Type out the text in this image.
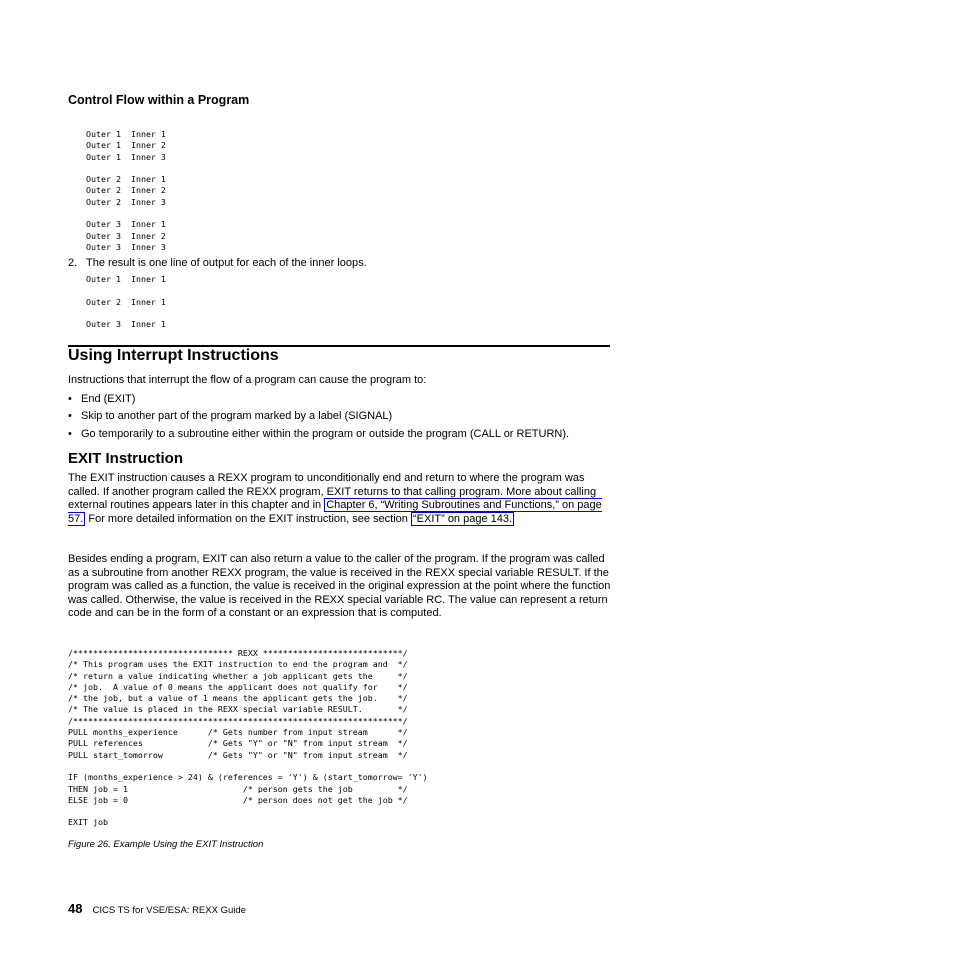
Control Flow within a Program
Outer 1  Inner 1
Outer 1  Inner 2
Outer 1  Inner 3

Outer 2  Inner 1
Outer 2  Inner 2
Outer 2  Inner 3

Outer 3  Inner 1
Outer 3  Inner 2
Outer 3  Inner 3
2. The result is one line of output for each of the inner loops.
Outer 1  Inner 1

Outer 2  Inner 1

Outer 3  Inner 1
Using Interrupt Instructions
Instructions that interrupt the flow of a program can cause the program to:
• End (EXIT)
• Skip to another part of the program marked by a label (SIGNAL)
• Go temporarily to a subroutine either within the program or outside the program (CALL or RETURN).
EXIT Instruction

The EXIT instruction causes a REXX program to unconditionally end and return to where the program was called. If another program called the REXX program, EXIT returns to that calling program. More about calling external routines appears later in this chapter and in Chapter 6, “Writing Subroutines and Functions,” on page 57. For more detailed information on the EXIT instruction, see section “EXIT” on page 143.

Besides ending a program, EXIT can also return a value to the caller of the program. If the program was called as a subroutine from another REXX program, the value is received in the REXX special variable RESULT. If the program was called as a function, the value is received in the original expression at the point where the function was called. Otherwise, the value is received in the REXX special variable RC. The value can represent a return code and can be in the form of a constant or an expression that is computed.

/******************************** REXX ****************************/
/* This program uses the EXIT instruction to end the program and  */
/* return a value indicating whether a job applicant gets the     */
/* job.  A value of 0 means the applicant does not qualify for    */
/* the job, but a value of 1 means the applicant gets the job.    */
/* The value is placed in the REXX special variable RESULT.       */
/******************************************************************/
PULL months_experience      /* Gets number from input stream      */
PULL references             /* Gets "Y" or "N" from input stream  */
PULL start_tomorrow         /* Gets "Y" or "N" from input stream  */

IF (months_experience > 24) & (references = 'Y') & (start_tomorrow= 'Y')
THEN job = 1                       /* person gets the job         */
ELSE job = 0                       /* person does not get the job */

EXIT job
Figure 26. Example Using the EXIT Instruction
48 CICS TS for VSE/ESA: REXX Guide
